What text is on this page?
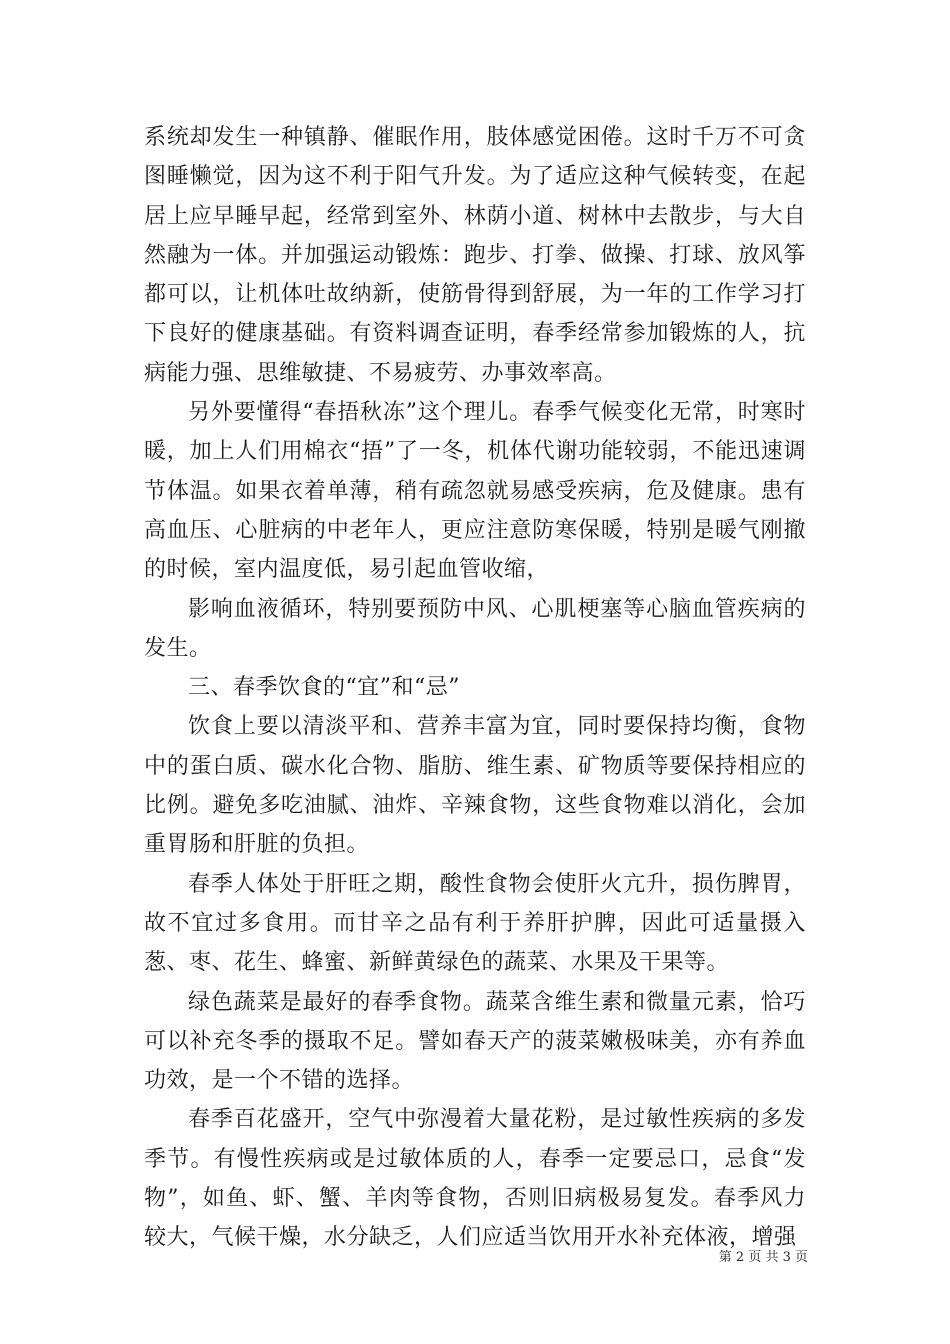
系统却发生一种镇静、催眠作用，肢体感觉困倦。这时千万不可贪图睡懒觉，因为这不利于阳气升发。为了适应这种气候转变，在起居上应早睡早起，经常到室外、林荫小道、树林中去散步，与大自然融为一体。并加强运动锻炼：跑步、打拳、做操、打球、放风筝都可以，让机体吐故纳新，使筋骨得到舒展，为一年的工作学习打下良好的健康基础。有资料调查证明，春季经常参加锻炼的人，抗病能力强、思维敏捷、不易疲劳、办事效率高。

另外要懂得“春捂秋冻”这个理儿。春季气候变化无常，时寒时暖，加上人们用棉衣“捂”了一冬，机体代谢功能较弱，不能迅速调节体温。如果衣着单薄，稍有疏忽就易感受疾病，危及健康。患有高血压、心脏病的中老年人，更应注意防寒保暖，特别是暖气刚撤的时候，室内温度低，易引起血管收缩，

影响血液循环，特别要预防中风、心肌梗塞等心脑血管疾病的发生。

三、春季饮食的“宜”和“忌”

饮食上要以清淡平和、营养丰富为宜，同时要保持均衡，食物中的蛋白质、碳水化合物、脂肪、维生素、矿物质等要保持相应的比例。避免多吃油腻、油炸、辛辣食物，这些食物难以消化，会加重胃肠和肝脏的负担。

春季人体处于肝旺之期，酸性食物会使肝火亢升，损伤脾胃，故不宜过多食用。而甘辛之品有利于养肝护脾，因此可适量摄入葱、枣、花生、蜂蜜、新鲜黄绿色的蔬菜、水果及干果等。

绿色蔬菜是最好的春季食物。蔬菜含维生素和微量元素，恰巧可以补充冬季的摄取不足。譬如春天产的菠菜嫩极味美，亦有养血功效，是一个不错的选择。

春季百花盛开，空气中弥漫着大量花粉，是过敏性疾病的多发季节。有慢性疾病或是过敏体质的人，春季一定要忌口，忌食“发物”，如鱼、虾、蟹、羊肉等食物，否则旧病极易复发。春季风力较大，气候干燥，水分缺乏，人们应适当饮用开水补充体液，增强

第 2 页 共 3 页
